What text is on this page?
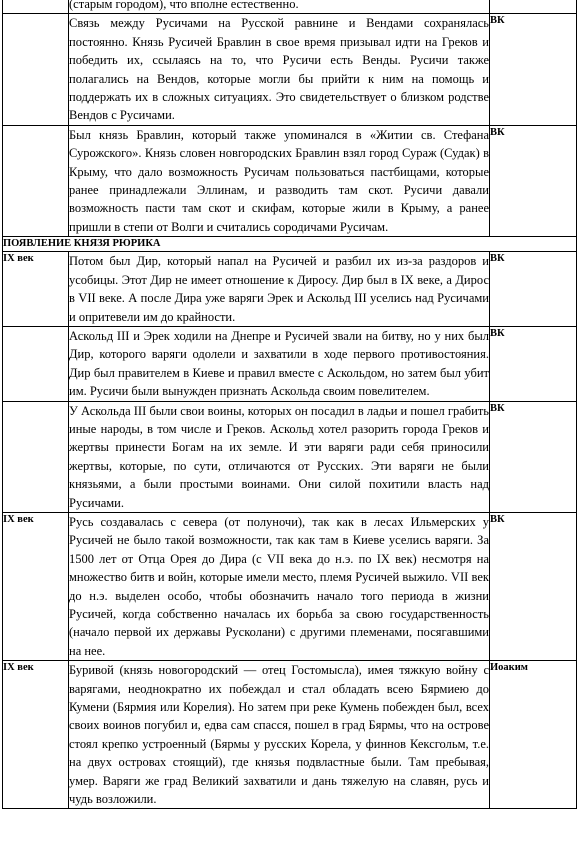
	(старым городом), что вполне естественно.	

	Связь между Русичами на Русской равнине и Вендами сохранялась постоянно. Князь Русичей Бравлин в свое время призывал идти на Греков и победить их, ссылаясь на то, что Русичи есть Венды. Русичи также полагались на Вендов, которые могли бы прийти к ним на помощь и поддержать их в сложных ситуациях. Это свидетельствует о близком родстве Вендов с Русичами.	ВК

	Был князь Бравлин, который также упоминался в «Житии св. Стефана Сурожского». Князь словен новгородских Бравлин взял город Сураж (Судак) в Крыму, что дало возможность Русичам пользоваться пастбищами, которые ранее принадлежали Эллинам, и разводить там скот. Русичи давали возможность пасти там скот и скифам, которые жили в Крыму, а ранее пришли в степи от Волги и считались сородичами Русичам.	ВК
ПОЯВЛЕНИЕ КНЯЗЯ РЮРИКА		
IX век	Потом был Дир, который напал на Русичей и разбил их из-за раздоров и усобицы. Этот Дир не имеет отношение к Диросу. Дир был в IX веке, а Дирос в VII веке. А после Дира уже варяги Эрек и Аскольд III уселись над Русичами и опритевели им до крайности.	ВК

	Аскольд III и Эрек ходили на Днепре и Русичей звали на битву, но у них был Дир, которого варяги одолели и захватили в ходе первого противостояния. Дир был правителем в Киеве и правил вместе с Аскольдом, но затем был убит им. Русичи были вынужден признать Аскольда своим повелителем.	ВК

	У Аскольда III были свои воины, которых он посадил в ладьи и пошел грабить иные народы, в том числе и Греков. Аскольд хотел разорить города Греков и жертвы принести Богам на их земле. И эти варяги ради себя приносили жертвы, которые, по сути, отличаются от Русских. Эти варяги не были князьями, а были простыми воинами. Они силой похитили власть над Русичами.	ВК
IX век	Русь создавалась с севера (от полуночи), так как в лесах Ильмерских у Русичей не было такой возможности, так как там в Киеве уселись варяги. За 1500 лет от Отца Орея до Дира (с VII века до н.э. по IX век) несмотря на множество битв и войн, которые имели место, племя Русичей выжило. VII век до н.э. выделен особо, чтобы обозначить начало того периода в жизни Русичей, когда собственно началась их борьба за свою государственность (начало первой их державы Русколани) с другими племенами, посягавшими на нее.	ВК
IX век	Буривой (князь новогородский — отец Гостомысла), имея тяжкую войну с варягами, неоднократно их побеждал и стал обладать всею Бярмиею до Кумени (Бярмия или Корелия). Но затем при реке Кумень побежден был, всех своих воинов погубил и, едва сам спасся, пошел в град Бярмы, что на острове стоял крепко устроенный (Бярмы у русских Корела, у финнов Кексгольм, т.е. на двух островах стоящий), где князья подвластные были. Там пребывая, умер. Варяги же град Великий захватили и дань тяжелую на славян, русь и чудь возложили.	Иоаким
